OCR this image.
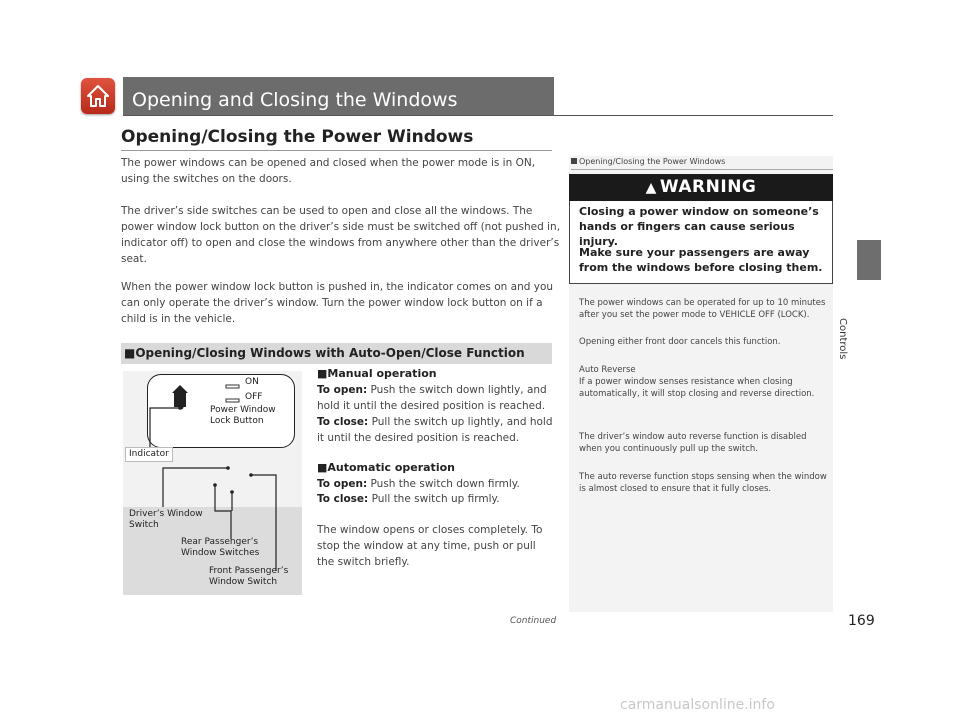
Opening and Closing the Windows
Controls
Opening/Closing the Power Windows
The power windows can be opened and closed when the power mode is in ON, using the switches on the doors.
The driver’s side switches can be used to open and close all the windows. The power window lock button on the driver’s side must be switched off (not pushed in, indicator off) to open and close the windows from anywhere other than the driver’s seat.
When the power window lock button is pushed in, the indicator comes on and you can only operate the driver’s window. Turn the power window lock button on if a child is in the vehicle.
■Opening/Closing Windows with Auto-Open/Close Function
ON
OFF
Power Window Lock Button
Indicator
Driver’s Window Switch
Rear Passenger’s Window Switches
Front Passenger’s Window Switch
■Manual operation
To open: Push the switch down lightly, and hold it until the desired position is reached.
To close: Pull the switch up lightly, and hold it until the desired position is reached.
■Automatic operation
To open: Push the switch down firmly.
To close: Pull the switch up firmly.
The window opens or closes completely. To stop the window at any time, push or pull the switch briefly.
Opening/Closing the Power Windows
▲ WARNING
Closing a power window on someone’s hands or fingers can cause serious injury.
Make sure your passengers are away from the windows before closing them.
The power windows can be operated for up to 10 minutes after you set the power mode to VEHICLE OFF (LOCK).
Opening either front door cancels this function.
Auto Reverse
If a power window senses resistance when closing automatically, it will stop closing and reverse direction.
The driver’s window auto reverse function is disabled when you continuously pull up the switch.
The auto reverse function stops sensing when the window is almost closed to ensure that it fully closes.
Continued	169
carmanualsonline.info
